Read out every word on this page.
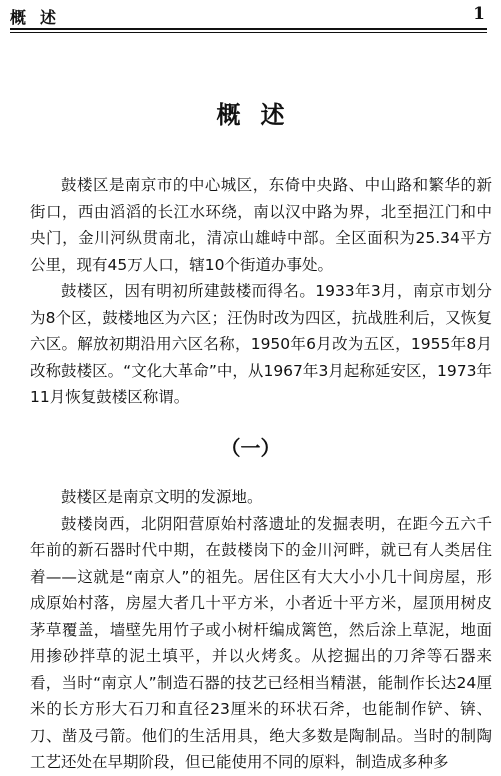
概述	1
概述

鼓楼区是南京市的中心城区，东倚中央路、中山路和繁华的新街口，西由滔滔的长江水环绕，南以汉中路为界，北至挹江门和中央门，金川河纵贯南北，清凉山雄峙中部。全区面积为25.34平方公里，现有45万人口，辖10个街道办事处。

鼓楼区，因有明初所建鼓楼而得名。1933年3月，南京市划分为8个区，鼓楼地区为六区；汪伪时改为四区，抗战胜利后，又恢复六区。解放初期沿用六区名称，1950年6月改为五区，1955年8月改称鼓楼区。“文化大革命”中，从1967年3月起称延安区，1973年11月恢复鼓楼区称谓。

（一）

鼓楼区是南京文明的发源地。

鼓楼岗西，北阴阳营原始村落遗址的发掘表明，在距今五六千年前的新石器时代中期，在鼓楼岗下的金川河畔，就已有人类居住着——这就是“南京人”的祖先。居住区有大大小小几十间房屋，形成原始村落，房屋大者几十平方米，小者近十平方米，屋顶用树皮茅草覆盖，墙壁先用竹子或小树杆编成篱笆，然后涂上草泥，地面用掺砂拌草的泥土填平，并以火烤炙。从挖掘出的刀斧等石器来看，当时“南京人”制造石器的技艺已经相当精湛，能制作长达24厘米的长方形大石刀和直径23厘米的环状石斧，也能制作铲、锛、刀、凿及弓箭。他们的生活用具，绝大多数是陶制品。当时的制陶工艺还处在早期阶段，但已能使用不同的原料，制造成多种多
